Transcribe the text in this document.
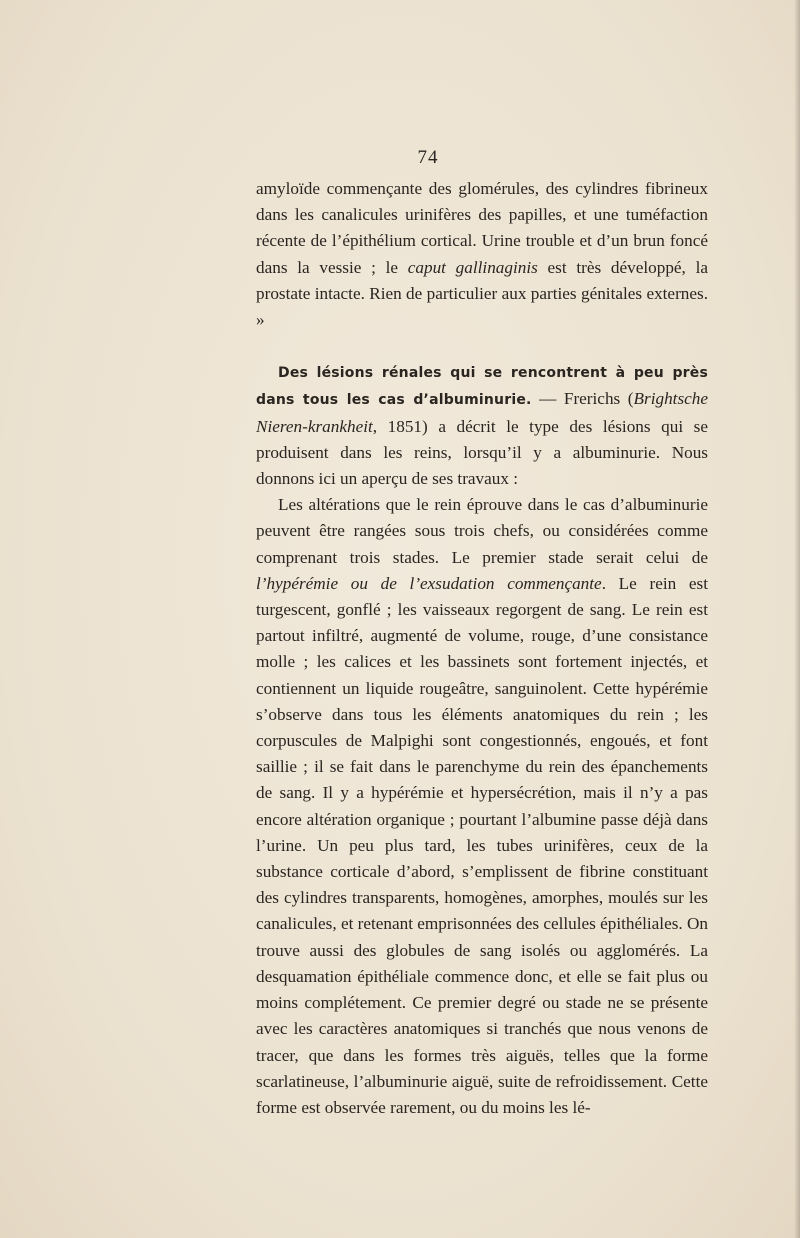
74

amyloïde commençante des glomérules, des cylindres fibrineux dans les canalicules urinifères des papilles, et une tuméfaction récente de l’épithélium cortical. Urine trouble et d’un brun foncé dans la vessie ; le caput gallinaginis est très développé, la prostate intacte. Rien de particulier aux parties génitales externes. »

Des lésions rénales qui se rencontrent à peu près dans tous les cas d’albuminurie. — Frerichs (Brightsche Nieren-krankheit, 1851) a décrit le type des lésions qui se produisent dans les reins, lorsqu’il y a albuminurie. Nous donnons ici un aperçu de ses travaux :

Les altérations que le rein éprouve dans le cas d’albuminurie peuvent être rangées sous trois chefs, ou considérées comme comprenant trois stades. Le premier stade serait celui de l’hypérémie ou de l’exsudation commençante. Le rein est turgescent, gonflé ; les vaisseaux regorgent de sang. Le rein est partout infiltré, augmenté de volume, rouge, d’une consistance molle ; les calices et les bassinets sont fortement injectés, et contiennent un liquide rougeâtre, sanguinolent. Cette hypérémie s’observe dans tous les éléments anatomiques du rein ; les corpuscules de Malpighi sont congestionnés, engoués, et font saillie ; il se fait dans le parenchyme du rein des épanchements de sang. Il y a hypérémie et hypersécrétion, mais il n’y a pas encore altération organique ; pourtant l’albumine passe déjà dans l’urine. Un peu plus tard, les tubes urinifères, ceux de la substance corticale d’abord, s’emplissent de fibrine constituant des cylindres transparents, homogènes, amorphes, moulés sur les canalicules, et retenant emprisonnées des cellules épithéliales. On trouve aussi des globules de sang isolés ou agglomérés. La desquamation épithéliale commence donc, et elle se fait plus ou moins complétement. Ce premier degré ou stade ne se présente avec les caractères anatomiques si tranchés que nous venons de tracer, que dans les formes très aiguës, telles que la forme scarlatineuse, l’albuminurie aiguë, suite de refroidissement. Cette forme est observée rarement, ou du moins les lé-
